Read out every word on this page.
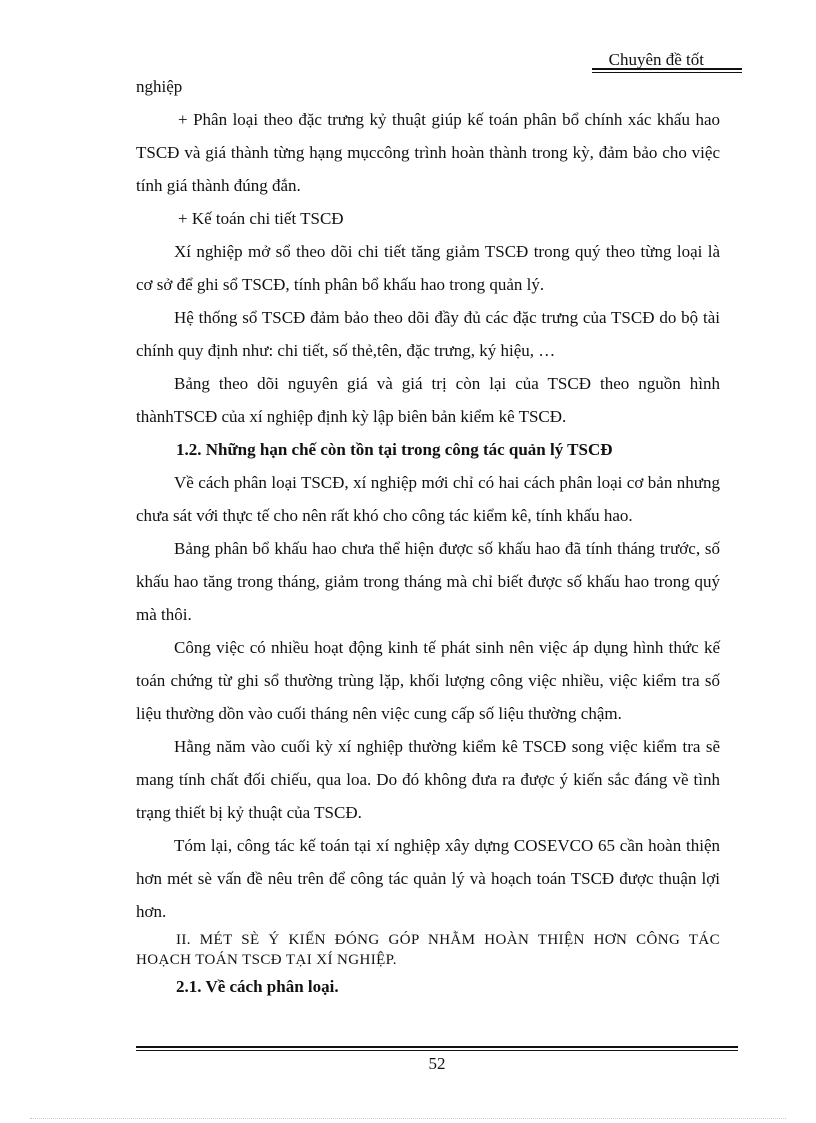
Chuyên đề tốt

nghiệp

+ Phân loại theo đặc trưng kỷ thuật giúp kế toán phân bổ chính xác khấu hao TSCĐ và giá thành từng hạng mụccông trình hoàn thành trong kỳ, đảm bảo cho việc tính giá thành đúng đắn.

+ Kế toán chi tiết TSCĐ

Xí nghiệp mở sổ theo dõi chi tiết tăng giảm TSCĐ trong quý theo từng loại là cơ sở để ghi sổ TSCĐ, tính phân bổ khấu hao trong quản lý.

Hệ thống sổ TSCĐ đảm bảo theo dõi đầy đủ các đặc trưng của TSCĐ do bộ tài chính quy định như: chi tiết, số thẻ,tên, đặc trưng, ký hiệu, …

Bảng theo dõi nguyên giá và giá trị còn lại của TSCĐ theo nguồn hình thànhTSCĐ của xí nghiệp định kỳ lập biên bản kiểm kê TSCĐ.

1.2. Những hạn chế còn tồn tại trong công tác quản lý TSCĐ

Về cách phân loại TSCĐ, xí nghiệp mới chỉ có hai cách phân loại cơ bản nhưng chưa sát với thực tế cho nên rất khó cho công tác kiểm kê, tính khấu hao.

Bảng phân bổ khấu hao chưa thể hiện được số khấu hao đã tính tháng trước, số khấu hao tăng trong tháng, giảm trong tháng mà chỉ biết được số khấu hao trong quý mà thôi.

Công việc có nhiều hoạt động kinh tế phát sinh nên việc áp dụng hình thức kế toán chứng từ ghi sổ thường trùng lặp, khối lượng công việc nhiều, việc kiểm tra số liệu thường dồn vào cuối tháng nên việc cung cấp số liệu thường chậm.

Hằng năm vào cuối kỳ xí nghiệp thường kiểm kê TSCĐ song việc kiểm tra sẽ mang tính chất đối chiếu, qua loa. Do đó không đưa ra được ý kiến sắc đáng về tình trạng thiết bị kỷ thuật của TSCĐ.

Tóm lại, công tác kế toán tại xí nghiệp xây dựng COSEVCO 65 cần hoàn thiện hơn mét sè vấn đề nêu trên để công tác quản lý và hoạch toán TSCĐ được thuận lợi hơn.

II. MÉT SÈ Ý KIẾN ĐÓNG GÓP NHẰM HOÀN THIỆN HƠN CÔNG TÁC HOẠCH TOÁN TSCĐ TẠI XÍ NGHIỆP.

2.1. Về cách phân loại.

52
